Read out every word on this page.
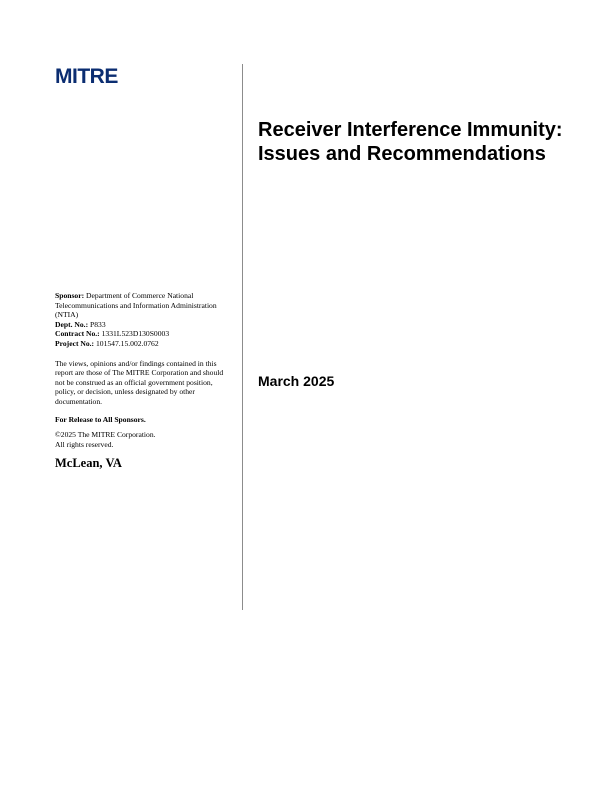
MITRE
Receiver Interference Immunity:
Issues and Recommendations
March 2025

Sponsor: Department of Commerce National Telecommunications and Information Administration (NTIA)

Dept. No.: P833

Contract No.: 1331L523D130S0003

Project No.: 101547.15.002.0762

The views, opinions and/or findings contained in this report are those of The MITRE Corporation and should not be construed as an official government position, policy, or decision, unless designated by other documentation.
For Release to All Sponsors.
©2025 The MITRE Corporation.
All rights reserved.
McLean, VA
